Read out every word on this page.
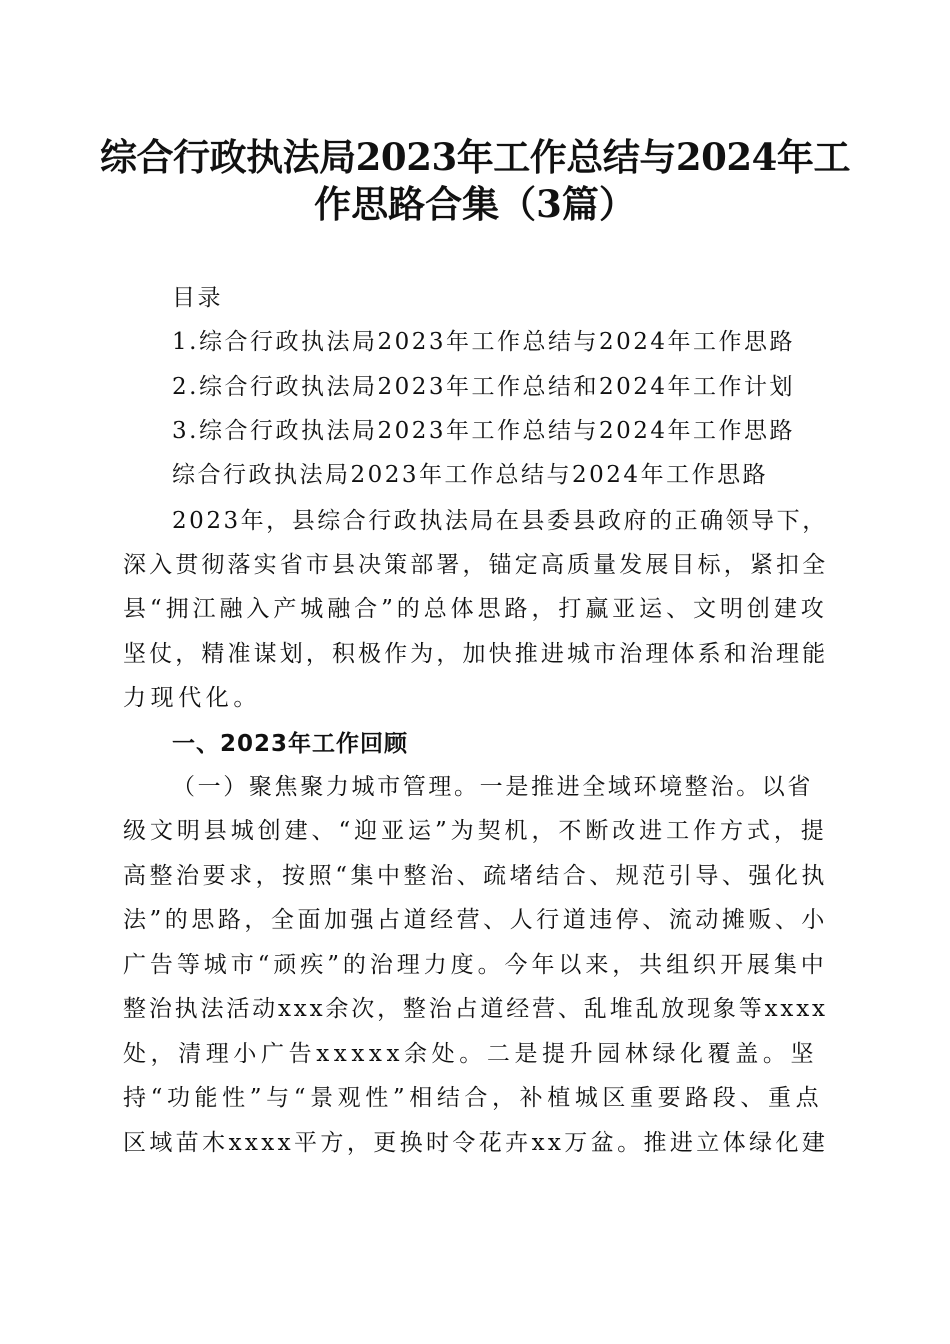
综合行政执法局2023年工作总结与2024年工
作思路合集（3篇）
目录
1.综合行政执法局2023年工作总结与2024年工作思路
2.综合行政执法局2023年工作总结和2024年工作计划
3.综合行政执法局2023年工作总结与2024年工作思路
综合行政执法局2023年工作总结与2024年工作思路
2023年，县综合行政执法局在县委县政府的正确领导下，
深入贯彻落实省市县决策部署，锚定高质量发展目标，紧扣全
县“拥江融入产城融合”的总体思路，打赢亚运、文明创建攻
坚仗，精准谋划，积极作为，加快推进城市治理体系和治理能
力现代化。
一、2023年工作回顾
（一）聚焦聚力城市管理。一是推进全域环境整治。以省
级文明县城创建、“迎亚运”为契机，不断改进工作方式，提
高整治要求，按照“集中整治、疏堵结合、规范引导、强化执
法”的思路，全面加强占道经营、人行道违停、流动摊贩、小
广告等城市“顽疾”的治理力度。今年以来，共组织开展集中
整治执法活动xxx余次，整治占道经营、乱堆乱放现象等xxxx
处，清理小广告xxxxx余处。二是提升园林绿化覆盖。坚
持“功能性”与“景观性”相结合，补植城区重要路段、重点
区域苗木xxxx平方，更换时令花卉xx万盆。推进立体绿化建
